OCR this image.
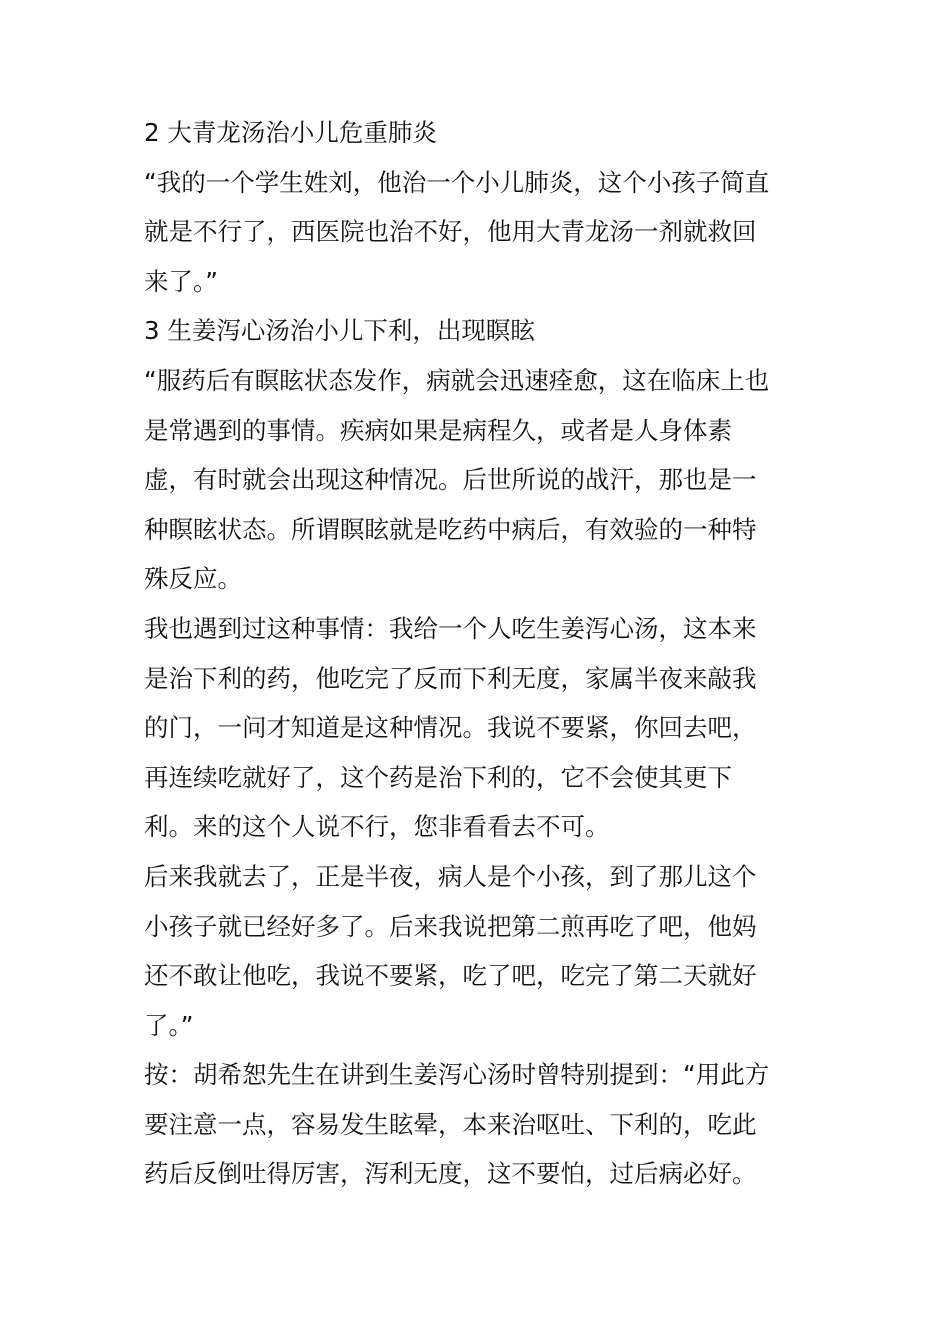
2 大青龙汤治小儿危重肺炎
“我的一个学生姓刘，他治一个小儿肺炎，这个小孩子简直
就是不行了，西医院也治不好，他用大青龙汤一剂就救回
来了。”
3 生姜泻心汤治小儿下利，出现瞑眩
“服药后有瞑眩状态发作，病就会迅速痊愈，这在临床上也
是常遇到的事情。疾病如果是病程久，或者是人身体素
虚，有时就会出现这种情况。后世所说的战汗，那也是一
种瞑眩状态。所谓瞑眩就是吃药中病后，有效验的一种特
殊反应。
我也遇到过这种事情：我给一个人吃生姜泻心汤，这本来
是治下利的药，他吃完了反而下利无度，家属半夜来敲我
的门，一问才知道是这种情况。我说不要紧，你回去吧，
再连续吃就好了，这个药是治下利的，它不会使其更下
利。来的这个人说不行，您非看看去不可。
后来我就去了，正是半夜，病人是个小孩，到了那儿这个
小孩子就已经好多了。后来我说把第二煎再吃了吧，他妈
还不敢让他吃，我说不要紧，吃了吧，吃完了第二天就好
了。”
按：胡希恕先生在讲到生姜泻心汤时曾特别提到：“用此方
要注意一点，容易发生眩晕，本来治呕吐、下利的，吃此
药后反倒吐得厉害，泻利无度，这不要怕，过后病必好。
